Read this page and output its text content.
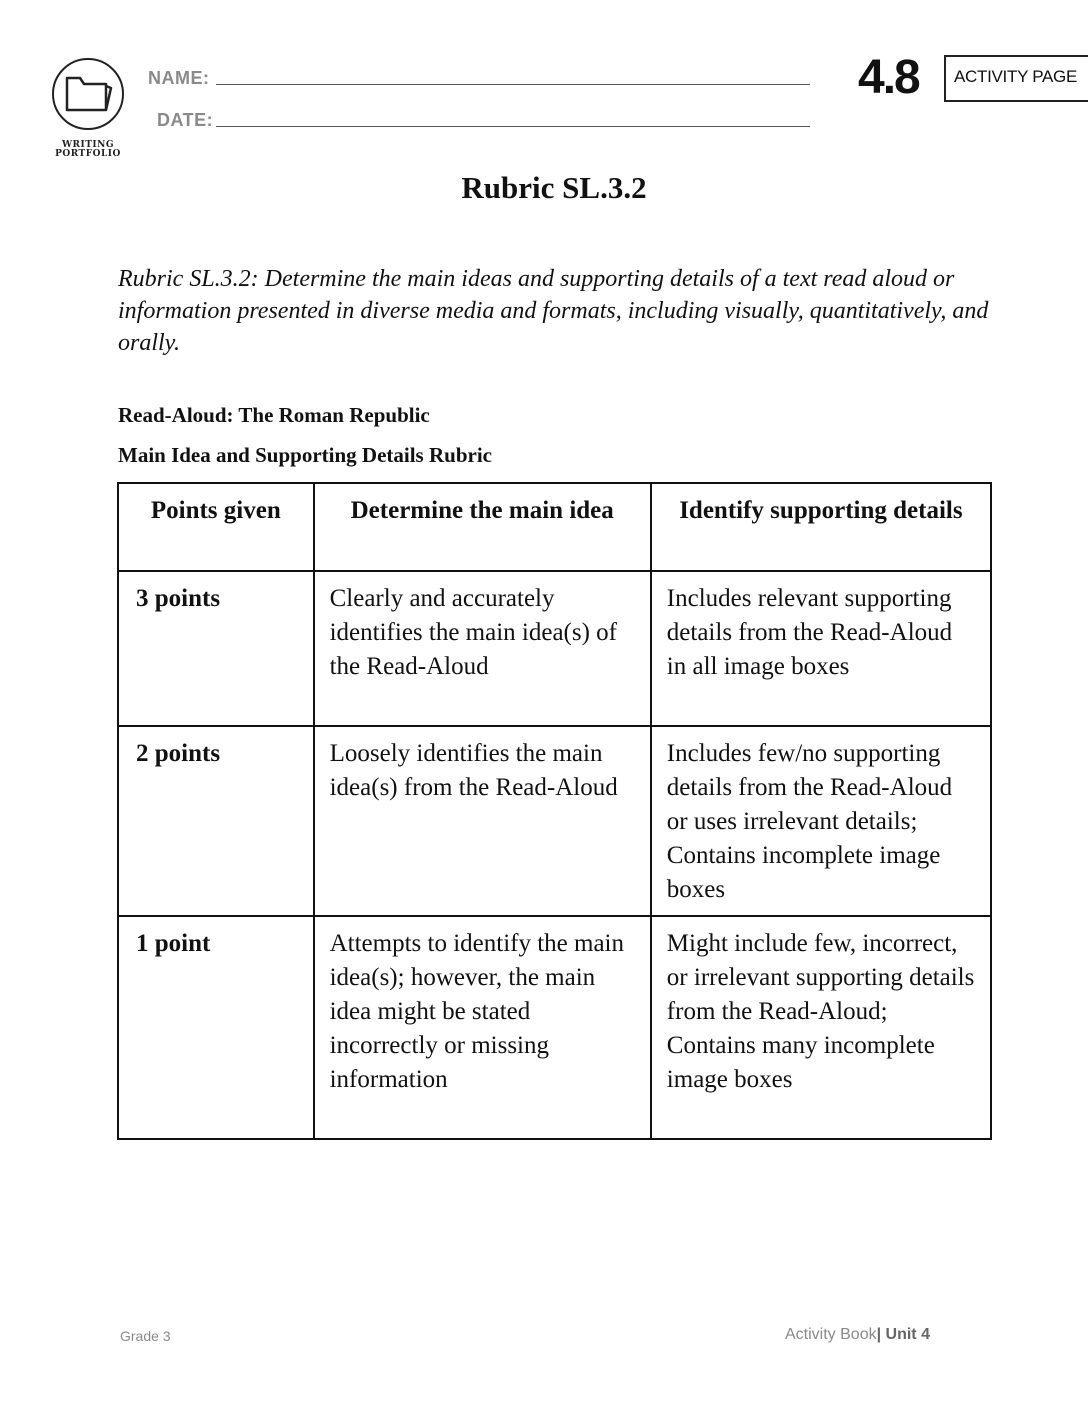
WRITING
PORTFOLIO
NAME:
DATE:
4.8 ACTIVITY PAGE
Rubric SL.3.2
Rubric SL.3.2: Determine the main ideas and supporting details of a text read aloud or information presented in diverse media and formats, including visually, quantitatively, and orally.
Read-Aloud: The Roman Republic
Main Idea and Supporting Details Rubric
Points given	Determine the main idea	Identify supporting details
3 points	Clearly and accurately identifies the main idea(s) of the Read-Aloud	Includes relevant supporting details from the Read-Aloud in all image boxes
2 points	Loosely identifies the main idea(s) from the Read-Aloud	Includes few/no supporting details from the Read-Aloud or uses irrelevant details; Contains incomplete image boxes
1 point	Attempts to identify the main idea(s); however, the main idea might be stated incorrectly or missing information	Might include few, incorrect, or irrelevant supporting details from the Read-Aloud; Contains many incomplete image boxes
Grade 3	Activity Book| Unit 4
